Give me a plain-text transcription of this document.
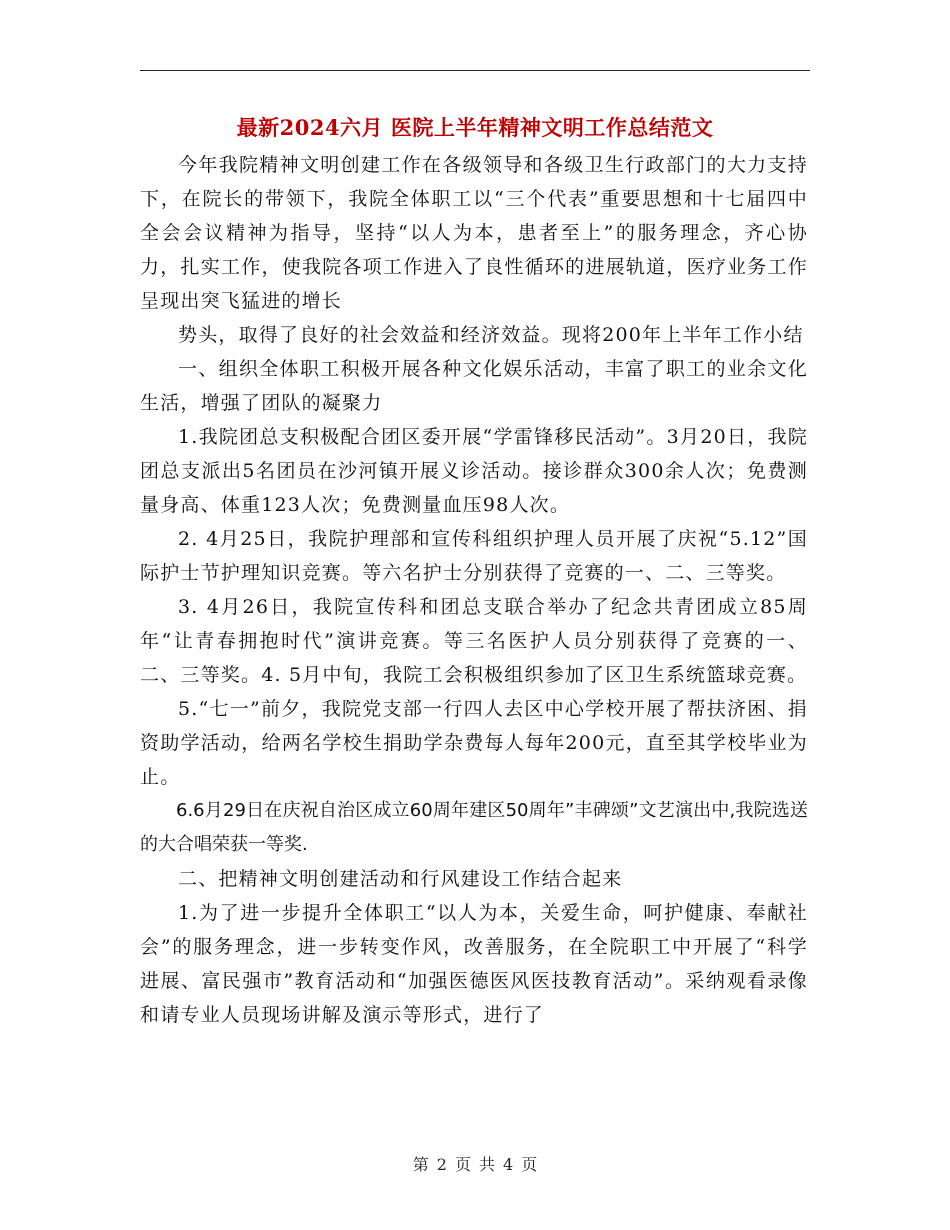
最新2024六月 医院上半年精神文明工作总结范文

今年我院精神文明创建工作在各级领导和各级卫生行政部门的大力支持下，在院长的带领下，我院全体职工以“三个代表”重要思想和十七届四中全会会议精神为指导，坚持“以人为本，患者至上”的服务理念，齐心协力，扎实工作，使我院各项工作进入了良性循环的进展轨道，医疗业务工作呈现出突飞猛进的增长

势头，取得了良好的社会效益和经济效益。现将200年上半年工作小结

一、组织全体职工积极开展各种文化娱乐活动，丰富了职工的业余文化生活，增强了团队的凝聚力

1.我院团总支积极配合团区委开展“学雷锋移民活动”。3月20日，我院团总支派出5名团员在沙河镇开展义诊活动。接诊群众300余人次；免费测量身高、体重123人次；免费测量血压98人次。

2. 4月25日，我院护理部和宣传科组织护理人员开展了庆祝“5.12”国际护士节护理知识竞赛。等六名护士分别获得了竞赛的一、二、三等奖。

3. 4月26日，我院宣传科和团总支联合举办了纪念共青团成立85周年“让青春拥抱时代”演讲竞赛。等三名医护人员分别获得了竞赛的一、二、三等奖。4. 5月中旬，我院工会积极组织参加了区卫生系统篮球竞赛。

5.“七一”前夕，我院党支部一行四人去区中心学校开展了帮扶济困、捐资助学活动，给两名学校生捐助学杂费每人每年200元，直至其学校毕业为止。

6.6月29日在庆祝自治区成立60周年建区50周年”丰碑颂”文艺演出中,我院选送的大合唱荣获一等奖.

二、把精神文明创建活动和行风建设工作结合起来

1.为了进一步提升全体职工“以人为本，关爱生命，呵护健康、奉献社会”的服务理念，进一步转变作风，改善服务，在全院职工中开展了“科学进展、富民强市”教育活动和“加强医德医风医技教育活动”。采纳观看录像和请专业人员现场讲解及演示等形式，进行了

第 2 页 共 4 页
